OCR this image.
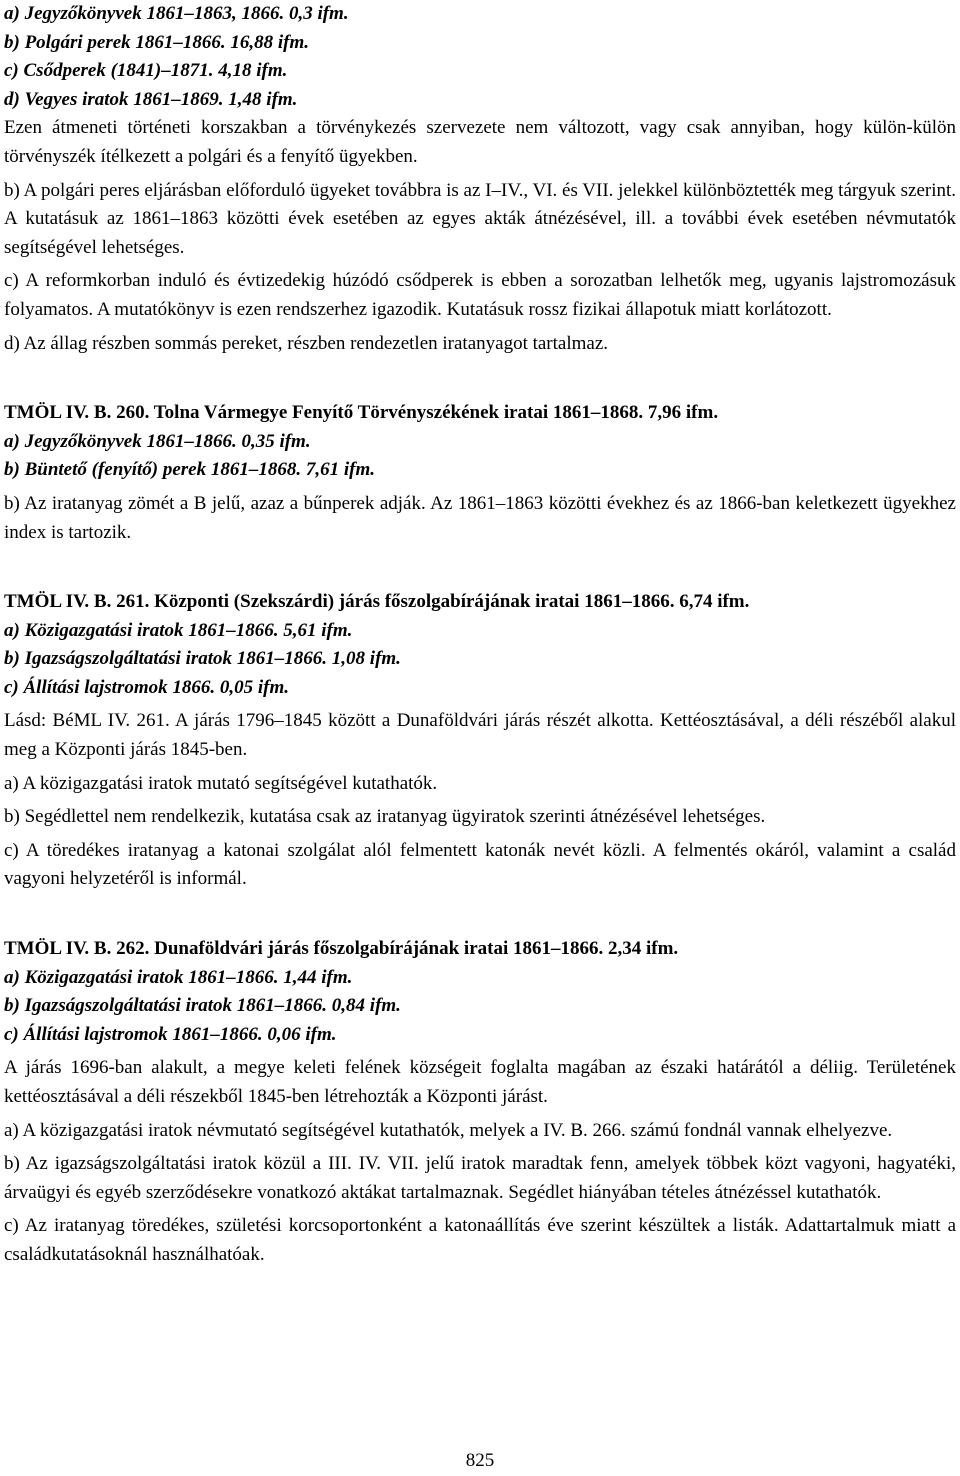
a) Jegyzőkönyvek 1861–1863, 1866. 0,3 ifm.
b) Polgári perek 1861–1866. 16,88 ifm.
c) Csődperek (1841)–1871. 4,18 ifm.
d) Vegyes iratok 1861–1869. 1,48 ifm.

Ezen átmeneti történeti korszakban a törvénykezés szervezete nem változott, vagy csak annyiban, hogy külön-külön törvényszék ítélkezett a polgári és a fenyítő ügyekben.

b) A polgári peres eljárásban előforduló ügyeket továbbra is az I–IV., VI. és VII. jelekkel különböztették meg tárgyuk szerint. A kutatásuk az 1861–1863 közötti évek esetében az egyes akták átnézésével, ill. a további évek esetében névmutatók segítségével lehetséges.

c) A reformkorban induló és évtizedekig húzódó csődperek is ebben a sorozatban lelhetők meg, ugyanis lajstromozásuk folyamatos. A mutatókönyv is ezen rendszerhez igazodik. Kutatásuk rossz fizikai állapotuk miatt korlátozott.

d) Az állag részben sommás pereket, részben rendezetlen iratanyagot tartalmaz.

TMÖL IV. B. 260. Tolna Vármegye Fenyítő Törvényszékének iratai 1861–1868. 7,96 ifm.
a) Jegyzőkönyvek 1861–1866. 0,35 ifm.
b) Büntető (fenyítő) perek 1861–1868. 7,61 ifm.

b) Az iratanyag zömét a B jelű, azaz a bűnperek adják. Az 1861–1863 közötti évekhez és az 1866-ban keletkezett ügyekhez index is tartozik.

TMÖL IV. B. 261. Központi (Szekszárdi) járás főszolgabírájának iratai 1861–1866. 6,74 ifm.
a) Közigazgatási iratok 1861–1866. 5,61 ifm.
b) Igazságszolgáltatási iratok 1861–1866. 1,08 ifm.
c) Állítási lajstromok 1866. 0,05 ifm.

Lásd: BéML IV. 261. A járás 1796–1845 között a Dunaföldvári járás részét alkotta. Kettéosztásával, a déli részéből alakul meg a Központi járás 1845-ben.

a) A közigazgatási iratok mutató segítségével kutathatók.

b) Segédlettel nem rendelkezik, kutatása csak az iratanyag ügyiratok szerinti átnézésével lehetséges.

c) A töredékes iratanyag a katonai szolgálat alól felmentett katonák nevét közli. A felmentés okáról, valamint a család vagyoni helyzetéről is informál.

TMÖL IV. B. 262. Dunaföldvári járás főszolgabírájának iratai 1861–1866. 2,34 ifm.
a) Közigazgatási iratok 1861–1866. 1,44 ifm.
b) Igazságszolgáltatási iratok 1861–1866. 0,84 ifm.
c) Állítási lajstromok 1861–1866. 0,06 ifm.

A járás 1696-ban alakult, a megye keleti felének községeit foglalta magában az északi határától a déliig. Területének kettéosztásával a déli részekből 1845-ben létrehozták a Központi járást.

a) A közigazgatási iratok névmutató segítségével kutathatók, melyek a IV. B. 266. számú fondnál vannak elhelyezve.

b) Az igazságszolgáltatási iratok közül a III. IV. VII. jelű iratok maradtak fenn, amelyek többek közt vagyoni, hagyatéki, árvaügyi és egyéb szerződésekre vonatkozó aktákat tartalmaznak. Segédlet hiányában tételes átnézéssel kutathatók.

c) Az iratanyag töredékes, születési korcsoportonként a katonaállítás éve szerint készültek a listák. Adattartalmuk miatt a családkutatásoknál használhatóak.

825
